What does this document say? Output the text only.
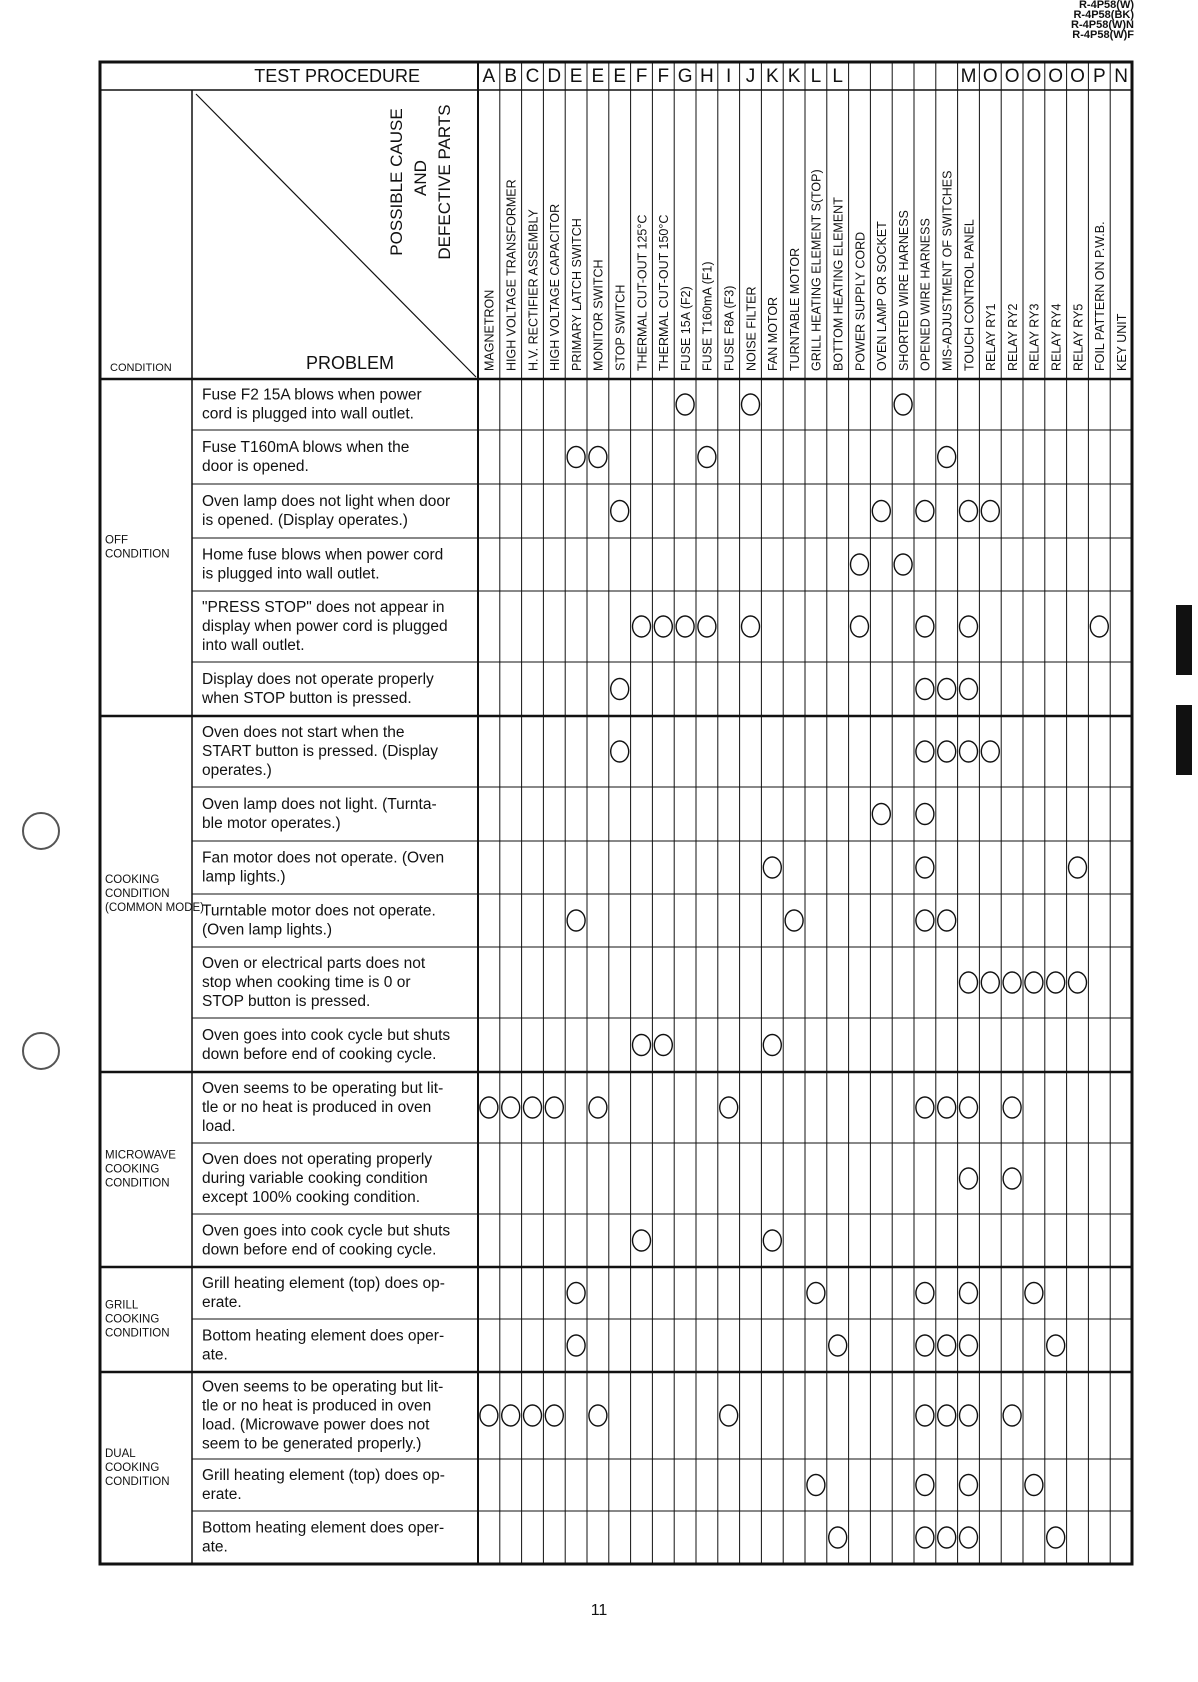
R-4P58(W)
R-4P58(BK)
R-4P58(W)N
R-4P58(W)F
A B C D E E E F F G H I J K K L L	M O O O O O P N
MAGNETRON HIGH VOLTAGE TRANSFORMER H.V. RECTIFIER ASSEMBLY HIGH VOLTAGE CAPACITOR PRIMARY LATCH SWITCH MONITOR SWITCH STOP SWITCH THERMAL CUT-OUT 125°C THERMAL CUT-OUT 150°C FUSE 15A (F2) FUSE T160mA (F1) FUSE F8A (F3) NOISE FILTER FAN MOTOR TURNTABLE MOTOR GRILL HEATING ELEMENT S(TOP) BOTTOM HEATING ELEMENT POWER SUPPLY CORD OVEN LAMP OR SOCKET SHORTED WIRE HARNESS OPENED WIRE HARNESS MIS-ADJUSTMENT OF SWITCHES TOUCH CONTROL PANEL RELAY RY1 RELAY RY2 RELAY RY3 RELAY RY4 RELAY RY5 FOIL PATTERN ON P.W.B. KEY UNIT
TEST PROCEDURE
CONDITION	PROBLEM
POSSIBLE CAUSE AND DEFECTIVE PARTS
Fuse F2 15A blows when power
cord is plugged into wall outlet.
Fuse T160mA blows when the
door is opened.
Oven lamp does not light when door
is opened. (Display operates.)
Home fuse blows when power cord
is plugged into wall outlet.
"PRESS STOP" does not appear in
display when power cord is plugged
into wall outlet.
Display does not operate properly
when STOP button is pressed.
Oven does not start when the
START button is pressed. (Display
operates.)
Oven lamp does not light. (Turnta-
ble motor operates.)
Fan motor does not operate. (Oven
lamp lights.)
Turntable motor does not operate.
(Oven lamp lights.)
Oven or electrical parts does not
stop when cooking time is 0 or
STOP button is pressed.
Oven goes into cook cycle but shuts
down before end of cooking cycle.
Oven seems to be operating but lit-
tle or no heat is produced in oven
load.
Oven does not operating properly
during variable cooking condition
except 100% cooking condition.
Oven goes into cook cycle but shuts
down before end of cooking cycle.
Grill heating element (top) does op-
erate.
Bottom heating element does oper-
ate.
Oven seems to be operating but lit-
tle or no heat is produced in oven
load. (Microwave power does not
seem to be generated properly.)
Grill heating element (top) does op-
erate.
Bottom heating element does oper-
ate.
OFF
CONDITION
COOKING
CONDITION
(COMMON MODE)
MICROWAVE
COOKING
CONDITION
GRILL
COOKING
CONDITION
DUAL
COOKING
CONDITION
11
